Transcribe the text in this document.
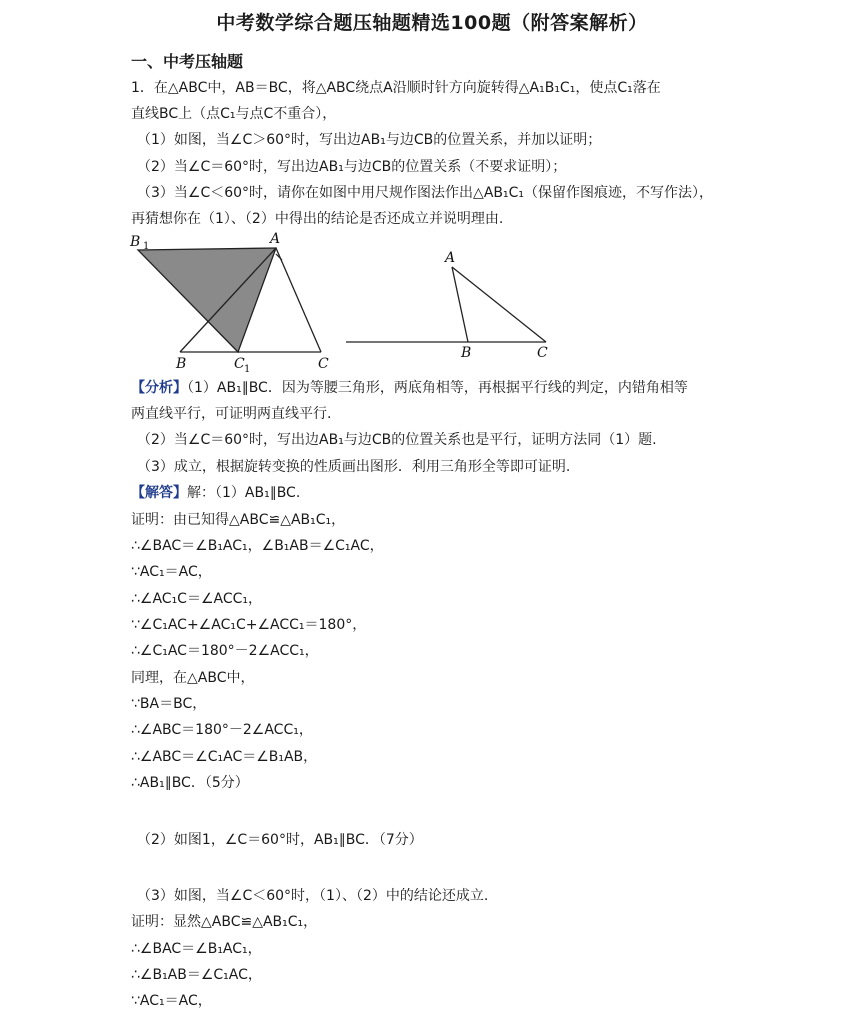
中考数学综合题压轴题精选100题（附答案解析）
一、中考压轴题
1．在△ABC中，AB＝BC，将△ABC绕点A沿顺时针方向旋转得△A₁B₁C₁，使点C₁落在
直线BC上（点C₁与点C不重合），
（1）如图，当∠C＞60°时，写出边AB₁与边CB的位置关系，并加以证明；
（2）当∠C＝60°时，写出边AB₁与边CB的位置关系（不要求证明）；
（3）当∠C＜60°时，请你在如图中用尺规作图法作出△AB₁C₁（保留作图痕迹，不写作法），
再猜想你在（1）、（2）中得出的结论是否还成立并说明理由.
B 1	A
B	C 1	C
A
B	C
【分析】（1）AB₁∥BC．因为等腰三角形，两底角相等，再根据平行线的判定，内错角相等
两直线平行，可证明两直线平行.
（2）当∠C＝60°时，写出边AB₁与边CB的位置关系也是平行，证明方法同（1）题.
（3）成立，根据旋转变换的性质画出图形．利用三角形全等即可证明.
【解答】解：（1）AB₁∥BC.
证明：由已知得△ABC≌△AB₁C₁，
∴∠BAC＝∠B₁AC₁，∠B₁AB＝∠C₁AC，
∵AC₁＝AC，
∴∠AC₁C＝∠ACC₁，
∵∠C₁AC+∠AC₁C+∠ACC₁＝180°，
∴∠C₁AC＝180°－2∠ACC₁，
同理，在△ABC中，
∵BA＝BC，
∴∠ABC＝180°－2∠ACC₁，
∴∠ABC＝∠C₁AC＝∠B₁AB，
∴AB₁∥BC．（5分）
（2）如图1，∠C＝60°时，AB₁∥BC．（7分）
（3）如图，当∠C＜60°时，（1）、（2）中的结论还成立.
证明：显然△ABC≌△AB₁C₁，
∴∠BAC＝∠B₁AC₁，
∴∠B₁AB＝∠C₁AC，
∵AC₁＝AC，
